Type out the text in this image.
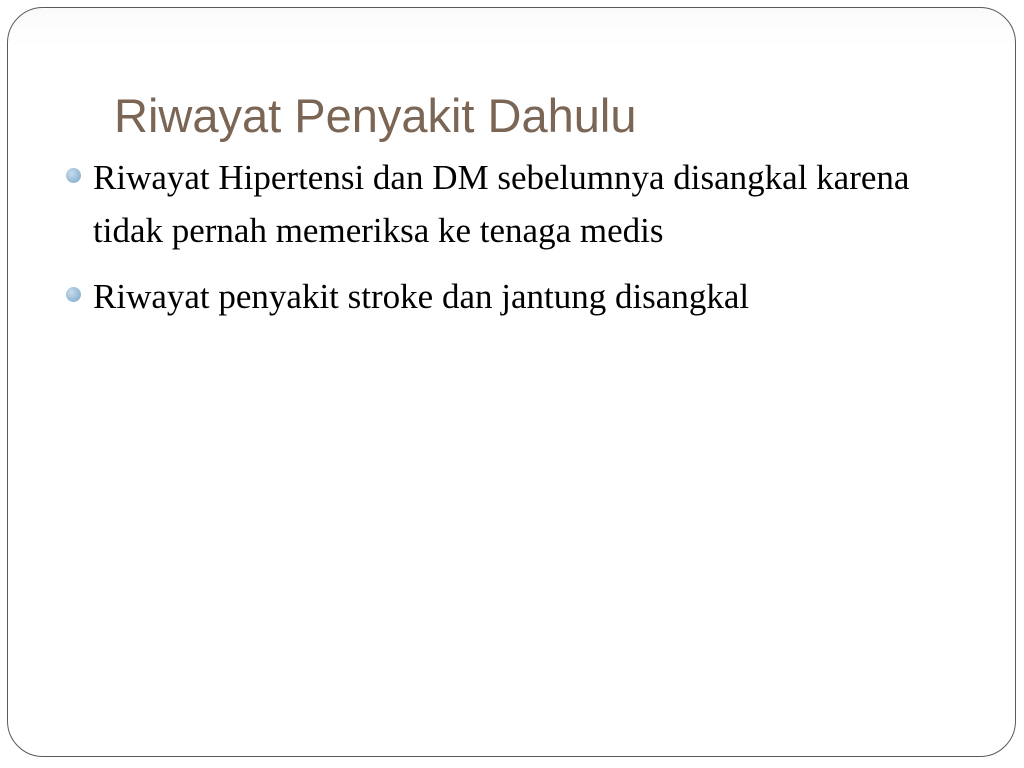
Riwayat Penyakit Dahulu
Riwayat Hipertensi dan DM sebelumnya disangkal karena tidak pernah memeriksa ke tenaga medis
Riwayat penyakit stroke dan jantung disangkal
